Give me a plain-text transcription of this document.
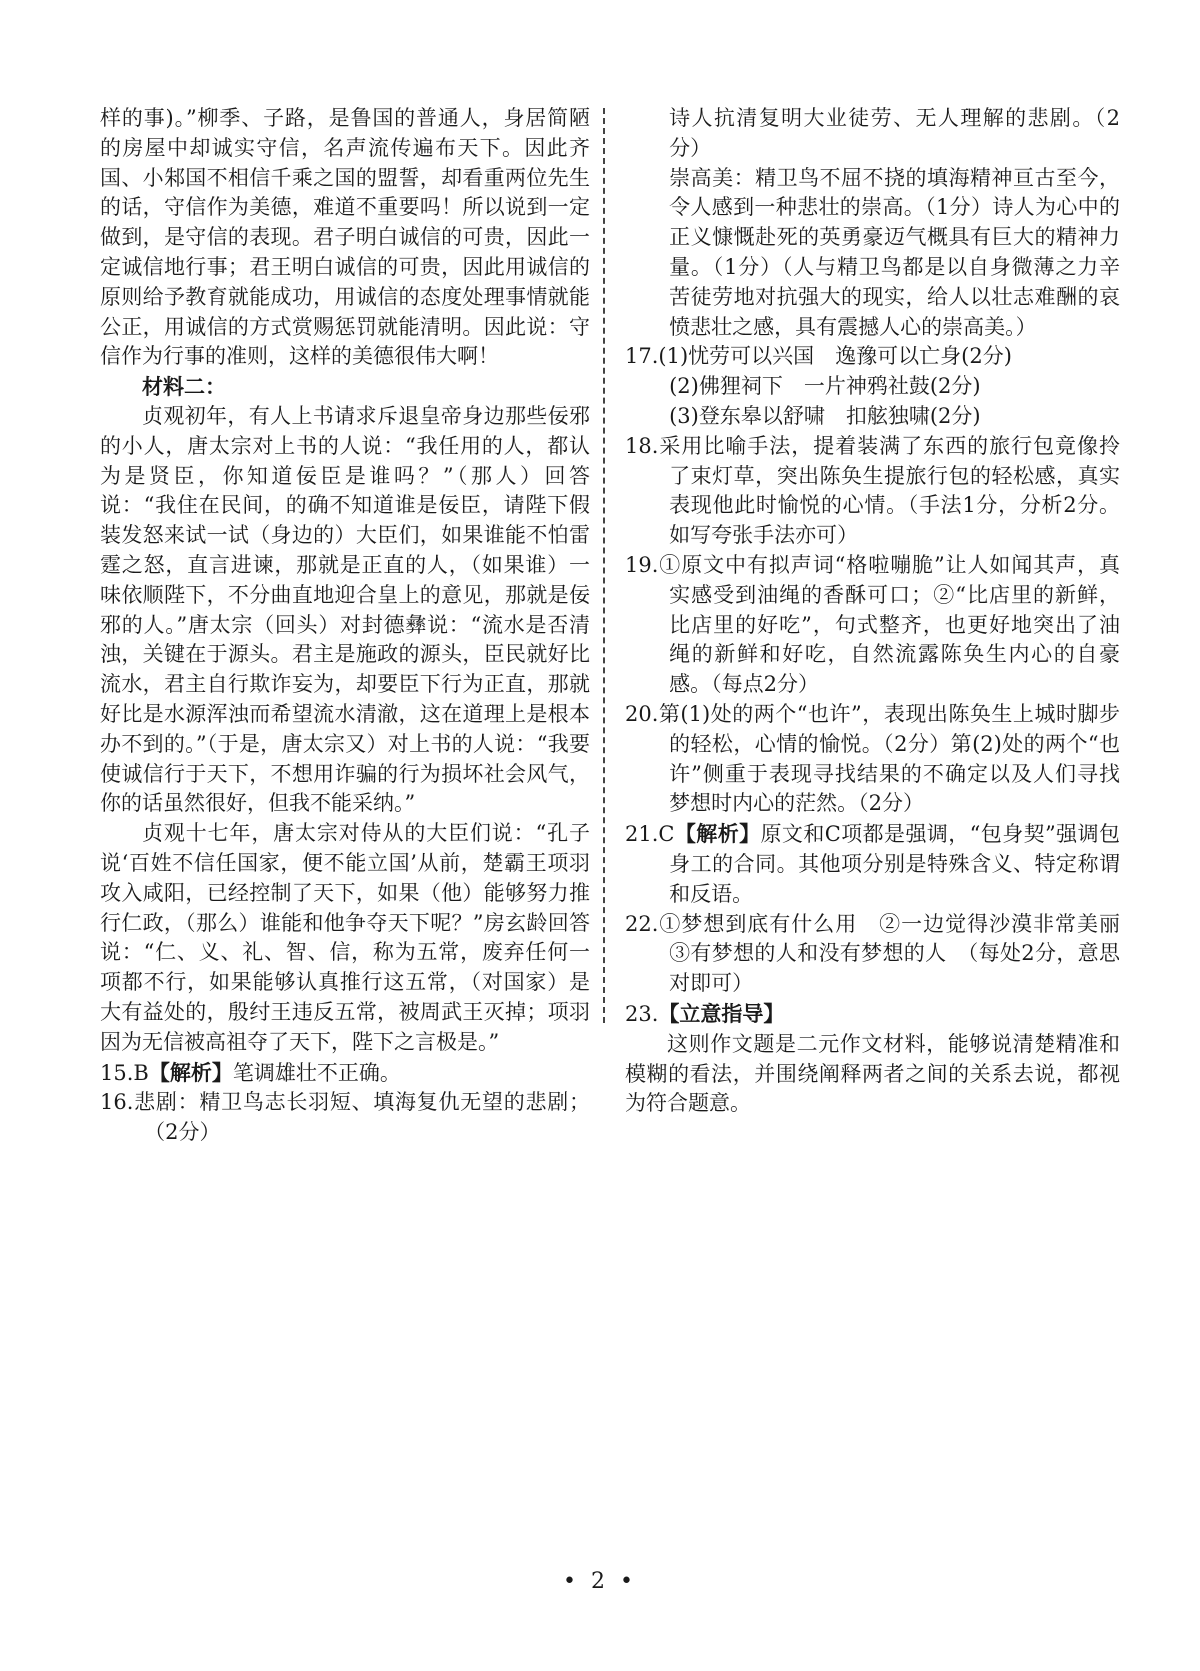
样的事)。”柳季、子路，是鲁国的普通人，身居简陋的房屋中却诚实守信，名声流传遍布天下。因此齐国、小邾国不相信千乘之国的盟誓，却看重两位先生的话，守信作为美德，难道不重要吗！所以说到一定做到，是守信的表现。君子明白诚信的可贵，因此一定诚信地行事；君王明白诚信的可贵，因此用诚信的原则给予教育就能成功，用诚信的态度处理事情就能公正，用诚信的方式赏赐惩罚就能清明。因此说：守信作为行事的准则，这样的美德很伟大啊！

材料二：

贞观初年，有人上书请求斥退皇帝身边那些佞邪的小人，唐太宗对上书的人说：“我任用的人，都认为是贤臣，你知道佞臣是谁吗？”（那人）回答说：“我住在民间，的确不知道谁是佞臣，请陛下假装发怒来试一试（身边的）大臣们，如果谁能不怕雷霆之怒，直言进谏，那就是正直的人，（如果谁）一味依顺陛下，不分曲直地迎合皇上的意见，那就是佞邪的人。”唐太宗（回头）对封德彝说：“流水是否清浊，关键在于源头。君主是施政的源头，臣民就好比流水，君主自行欺诈妄为，却要臣下行为正直，那就好比是水源浑浊而希望流水清澈，这在道理上是根本办不到的。”（于是，唐太宗又）对上书的人说：“我要使诚信行于天下，不想用诈骗的行为损坏社会风气，你的话虽然很好，但我不能采纳。”

贞观十七年，唐太宗对侍从的大臣们说：“孔子说‘百姓不信任国家，便不能立国’从前，楚霸王项羽攻入咸阳，已经控制了天下，如果（他）能够努力推行仁政，（那么）谁能和他争夺天下呢？”房玄龄回答说：“仁、义、礼、智、信，称为五常，废弃任何一项都不行，如果能够认真推行这五常，（对国家）是大有益处的，殷纣王违反五常，被周武王灭掉；项羽因为无信被高祖夺了天下，陛下之言极是。”

15.B【解析】笔调雄壮不正确。

16.悲剧：精卫鸟志长羽短、填海复仇无望的悲剧；（2分）

诗人抗清复明大业徒劳、无人理解的悲剧。（2分）

崇高美：精卫鸟不屈不挠的填海精神亘古至今，令人感到一种悲壮的崇高。（1分）诗人为心中的正义慷慨赴死的英勇豪迈气概具有巨大的精神力量。（1分）（人与精卫鸟都是以自身微薄之力辛苦徒劳地对抗强大的现实，给人以壮志难酬的哀愤悲壮之感，具有震撼人心的崇高美。）

17.(1)忧劳可以兴国　逸豫可以亡身(2分)

(2)佛狸祠下　一片神鸦社鼓(2分)

(3)登东皋以舒啸　扣舷独啸(2分)

18.采用比喻手法，提着装满了东西的旅行包竟像拎了束灯草，突出陈奂生提旅行包的轻松感，真实表现他此时愉悦的心情。（手法1分，分析2分。如写夸张手法亦可）

19.①原文中有拟声词“格啦嘣脆”让人如闻其声，真实感受到油绳的香酥可口；②“比店里的新鲜，比店里的好吃”，句式整齐，也更好地突出了油绳的新鲜和好吃，自然流露陈奂生内心的自豪感。（每点2分）

20.第(1)处的两个“也许”，表现出陈奂生上城时脚步的轻松，心情的愉悦。（2分）第(2)处的两个“也许”侧重于表现寻找结果的不确定以及人们寻找梦想时内心的茫然。（2分）

21.C【解析】原文和C项都是强调，“包身契”强调包身工的合同。其他项分别是特殊含义、特定称谓和反语。

22.①梦想到底有什么用　②一边觉得沙漠非常美丽　③有梦想的人和没有梦想的人　（每处2分，意思对即可）

23.【立意指导】

这则作文题是二元作文材料，能够说清楚精准和模糊的看法，并围绕阐释两者之间的关系去说，都视为符合题意。

• 2 •
